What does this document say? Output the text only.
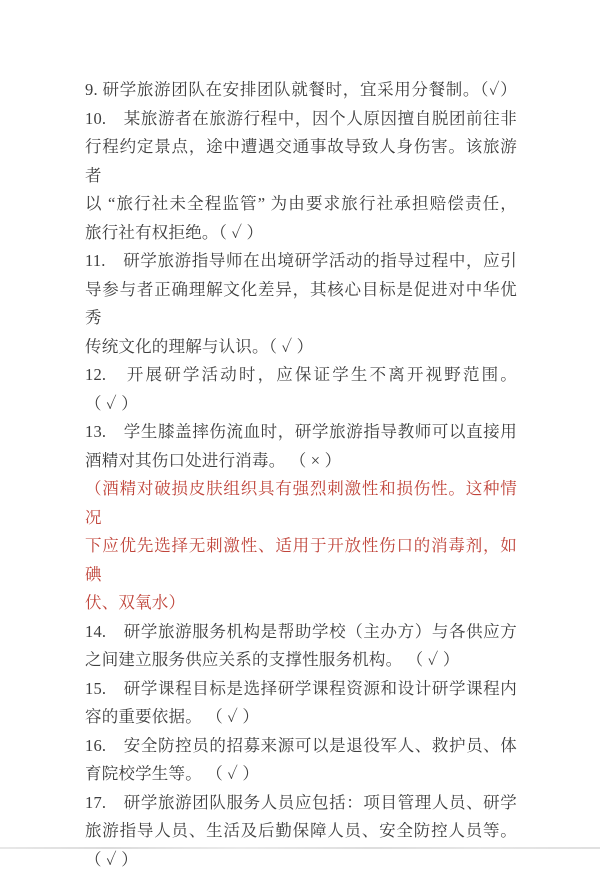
9. 研学旅游团队在安排团队就餐时，宜采用分餐制。（✓）
10.　某旅游者在旅游行程中，因个人原因擅自脱团前往非
行程约定景点，途中遭遇交通事故导致人身伤害。该旅游者
以 “旅行社未全程监管” 为由要求旅行社承担赔偿责任，
旅行社有权拒绝。（ ✓ ）
11.　研学旅游指导师在出境研学活动的指导过程中，应引
导参与者正确理解文化差异，其核心目标是促进对中华优秀
传统文化的理解与认识。（ ✓ ）
12.　开展研学活动时，应保证学生不离开视野范围。
（ ✓ ）
13.　学生膝盖摔伤流血时，研学旅游指导教师可以直接用
酒精对其伤口处进行消毒。 （ × ）
（酒精对破损皮肤组织具有强烈刺激性和损伤性。这种情况
下应优先选择无刺激性、适用于开放性伤口的消毒剂，如碘
伏、双氧水）
14.　研学旅游服务机构是帮助学校（主办方）与各供应方
之间建立服务供应关系的支撑性服务机构。 （ ✓ ）
15.　研学课程目标是选择研学课程资源和设计研学课程内
容的重要依据。 （ ✓ ）
16.　安全防控员的招募来源可以是退役军人、救护员、体
育院校学生等。 （ ✓ ）
17.　研学旅游团队服务人员应包括：项目管理人员、研学
旅游指导人员、生活及后勤保障人员、安全防控人员等。
（ ✓ ）
